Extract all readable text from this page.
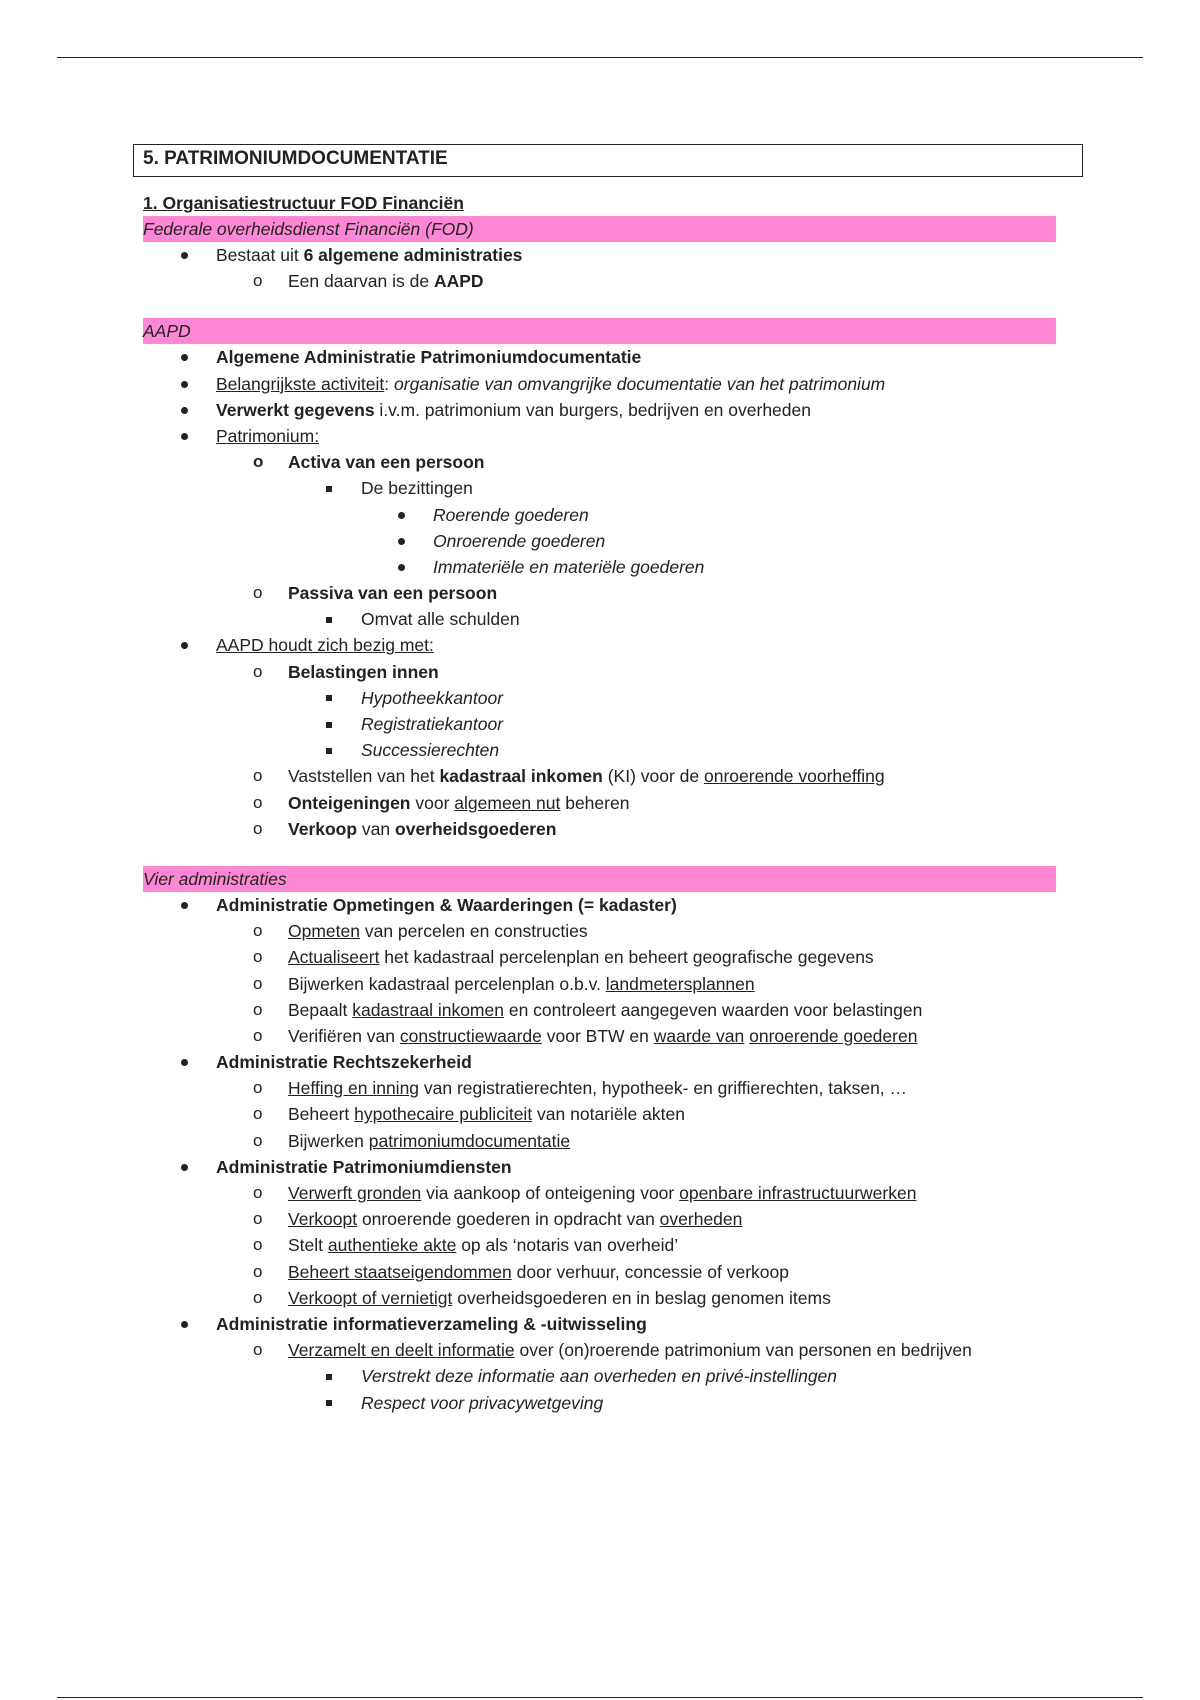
5. PATRIMONIUMDOCUMENTATIE
1. Organisatiestructuur FOD Financiën
Federale overheidsdienst Financiën (FOD)
Bestaat uit 6 algemene administraties
o Een daarvan is de AAPD
AAPD
Algemene Administratie Patrimoniumdocumentatie
Belangrijkste activiteit: organisatie van omvangrijke documentatie van het patrimonium
Verwerkt gegevens i.v.m. patrimonium van burgers, bedrijven en overheden
Patrimonium:
o Activa van een persoon
De bezittingen
Roerende goederen
Onroerende goederen
Immateriële en materiële goederen
o Passiva van een persoon
Omvat alle schulden
AAPD houdt zich bezig met:
o Belastingen innen
Hypotheekkantoor
Registratiekantoor
Successierechten
o Vaststellen van het kadastraal inkomen (KI) voor de onroerende voorheffing
o Onteigeningen voor algemeen nut beheren
o Verkoop van overheidsgoederen
Vier administraties
Administratie Opmetingen & Waarderingen (= kadaster)
o Opmeten van percelen en constructies
o Actualiseert het kadastraal percelenplan en beheert geografische gegevens
o Bijwerken kadastraal percelenplan o.b.v. landmetersplannen
o Bepaalt kadastraal inkomen en controleert aangegeven waarden voor belastingen
o Verifiëren van constructiewaarde voor BTW en waarde van onroerende goederen
Administratie Rechtszekerheid
o Heffing en inning van registratierechten, hypotheek- en griffierechten, taksen, …
o Beheert hypothecaire publiciteit van notariële akten
o Bijwerken patrimoniumdocumentatie
Administratie Patrimoniumdiensten
o Verwerft gronden via aankoop of onteigening voor openbare infrastructuurwerken
o Verkoopt onroerende goederen in opdracht van overheden
o Stelt authentieke akte op als ‘notaris van overheid’
o Beheert staatseigendommen door verhuur, concessie of verkoop
o Verkoopt of vernietigt overheidsgoederen en in beslag genomen items
Administratie informatieverzameling & -uitwisseling
o Verzamelt en deelt informatie over (on)roerende patrimonium van personen en bedrijven
Verstrekt deze informatie aan overheden en privé-instellingen
Respect voor privacywetgeving
